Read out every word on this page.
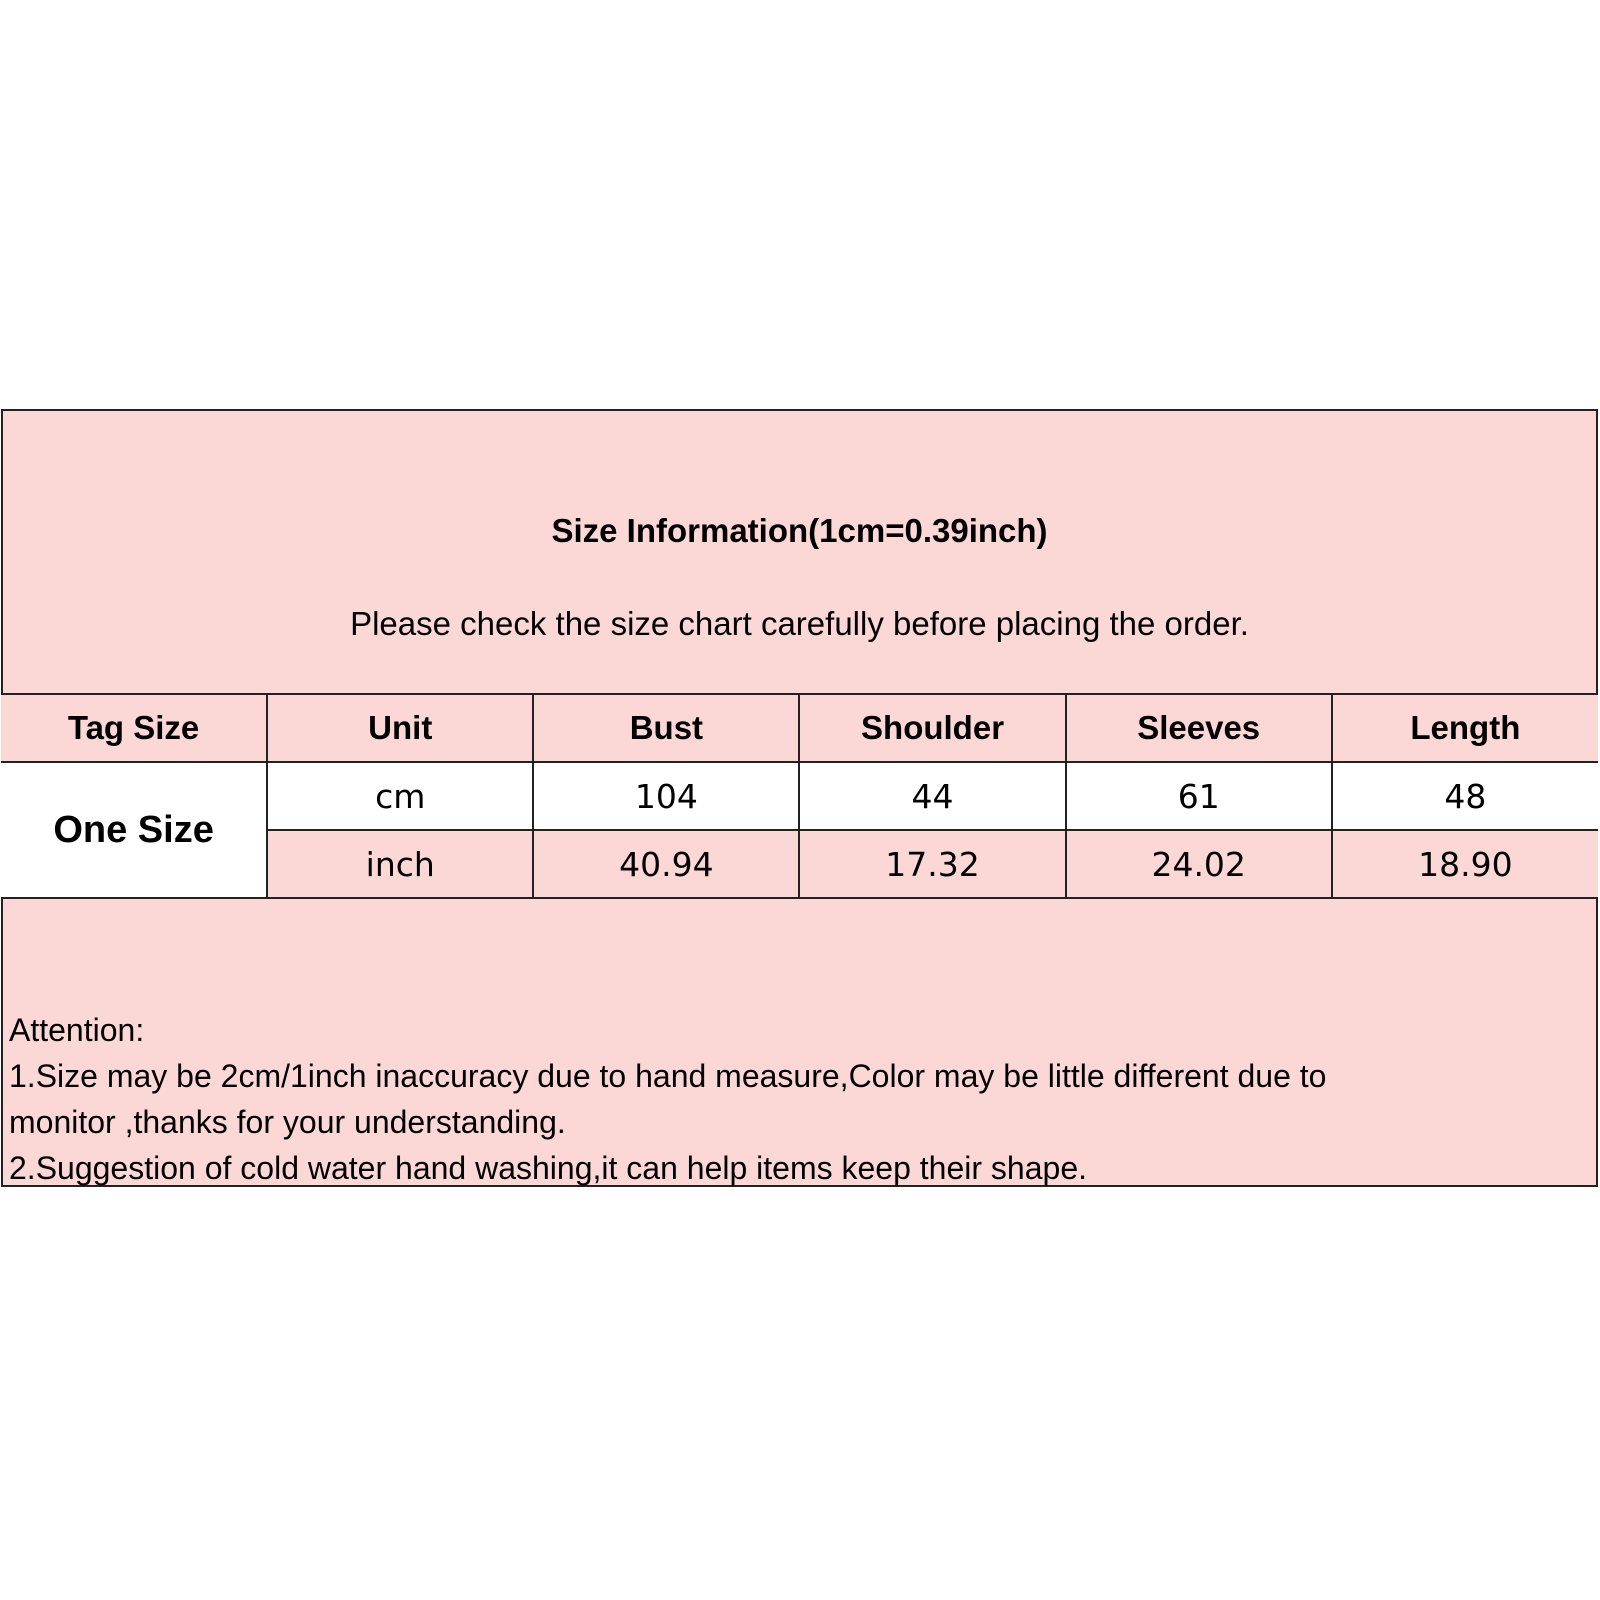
Size Information(1cm=0.39inch)
Please check the size chart carefully before placing the order.
Tag Size	Unit	Bust	Shoulder	Sleeves	Length
One Size	cm	104	44	61	48
	inch	40.94	17.32	24.02	18.90
Attention:
1.Size may be 2cm/1inch inaccuracy due to hand measure,Color may be little different due to
monitor ,thanks for your understanding.
2.Suggestion of cold water hand washing,it can help items keep their shape.
